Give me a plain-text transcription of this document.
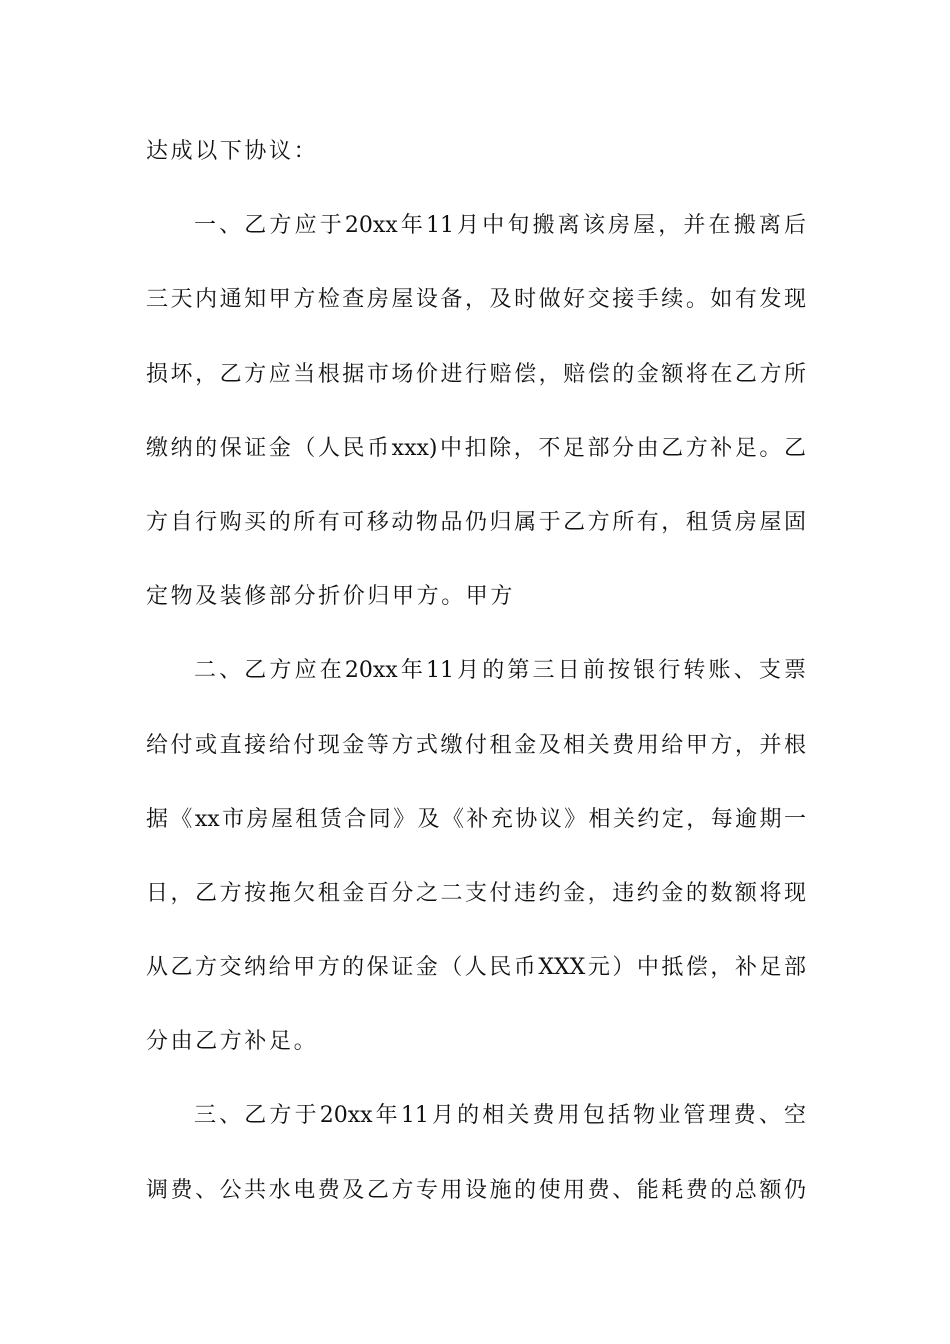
达成以下协议：
一、乙方应于20xx年11月中旬搬离该房屋，并在搬离后
三天内通知甲方检查房屋设备，及时做好交接手续。如有发现
损坏，乙方应当根据市场价进行赔偿，赔偿的金额将在乙方所
缴纳的保证金（人民币xxx)中扣除，不足部分由乙方补足。乙
方自行购买的所有可移动物品仍归属于乙方所有，租赁房屋固
定物及装修部分折价归甲方。甲方
二、乙方应在20xx年11月的第三日前按银行转账、支票
给付或直接给付现金等方式缴付租金及相关费用给甲方，并根
据《xx市房屋租赁合同》及《补充协议》相关约定，每逾期一
日，乙方按拖欠租金百分之二支付违约金，违约金的数额将现
从乙方交纳给甲方的保证金（人民币XXX元）中抵偿，补足部
分由乙方补足。
三、乙方于20xx年11月的相关费用包括物业管理费、空
调费、公共水电费及乙方专用设施的使用费、能耗费的总额仍
